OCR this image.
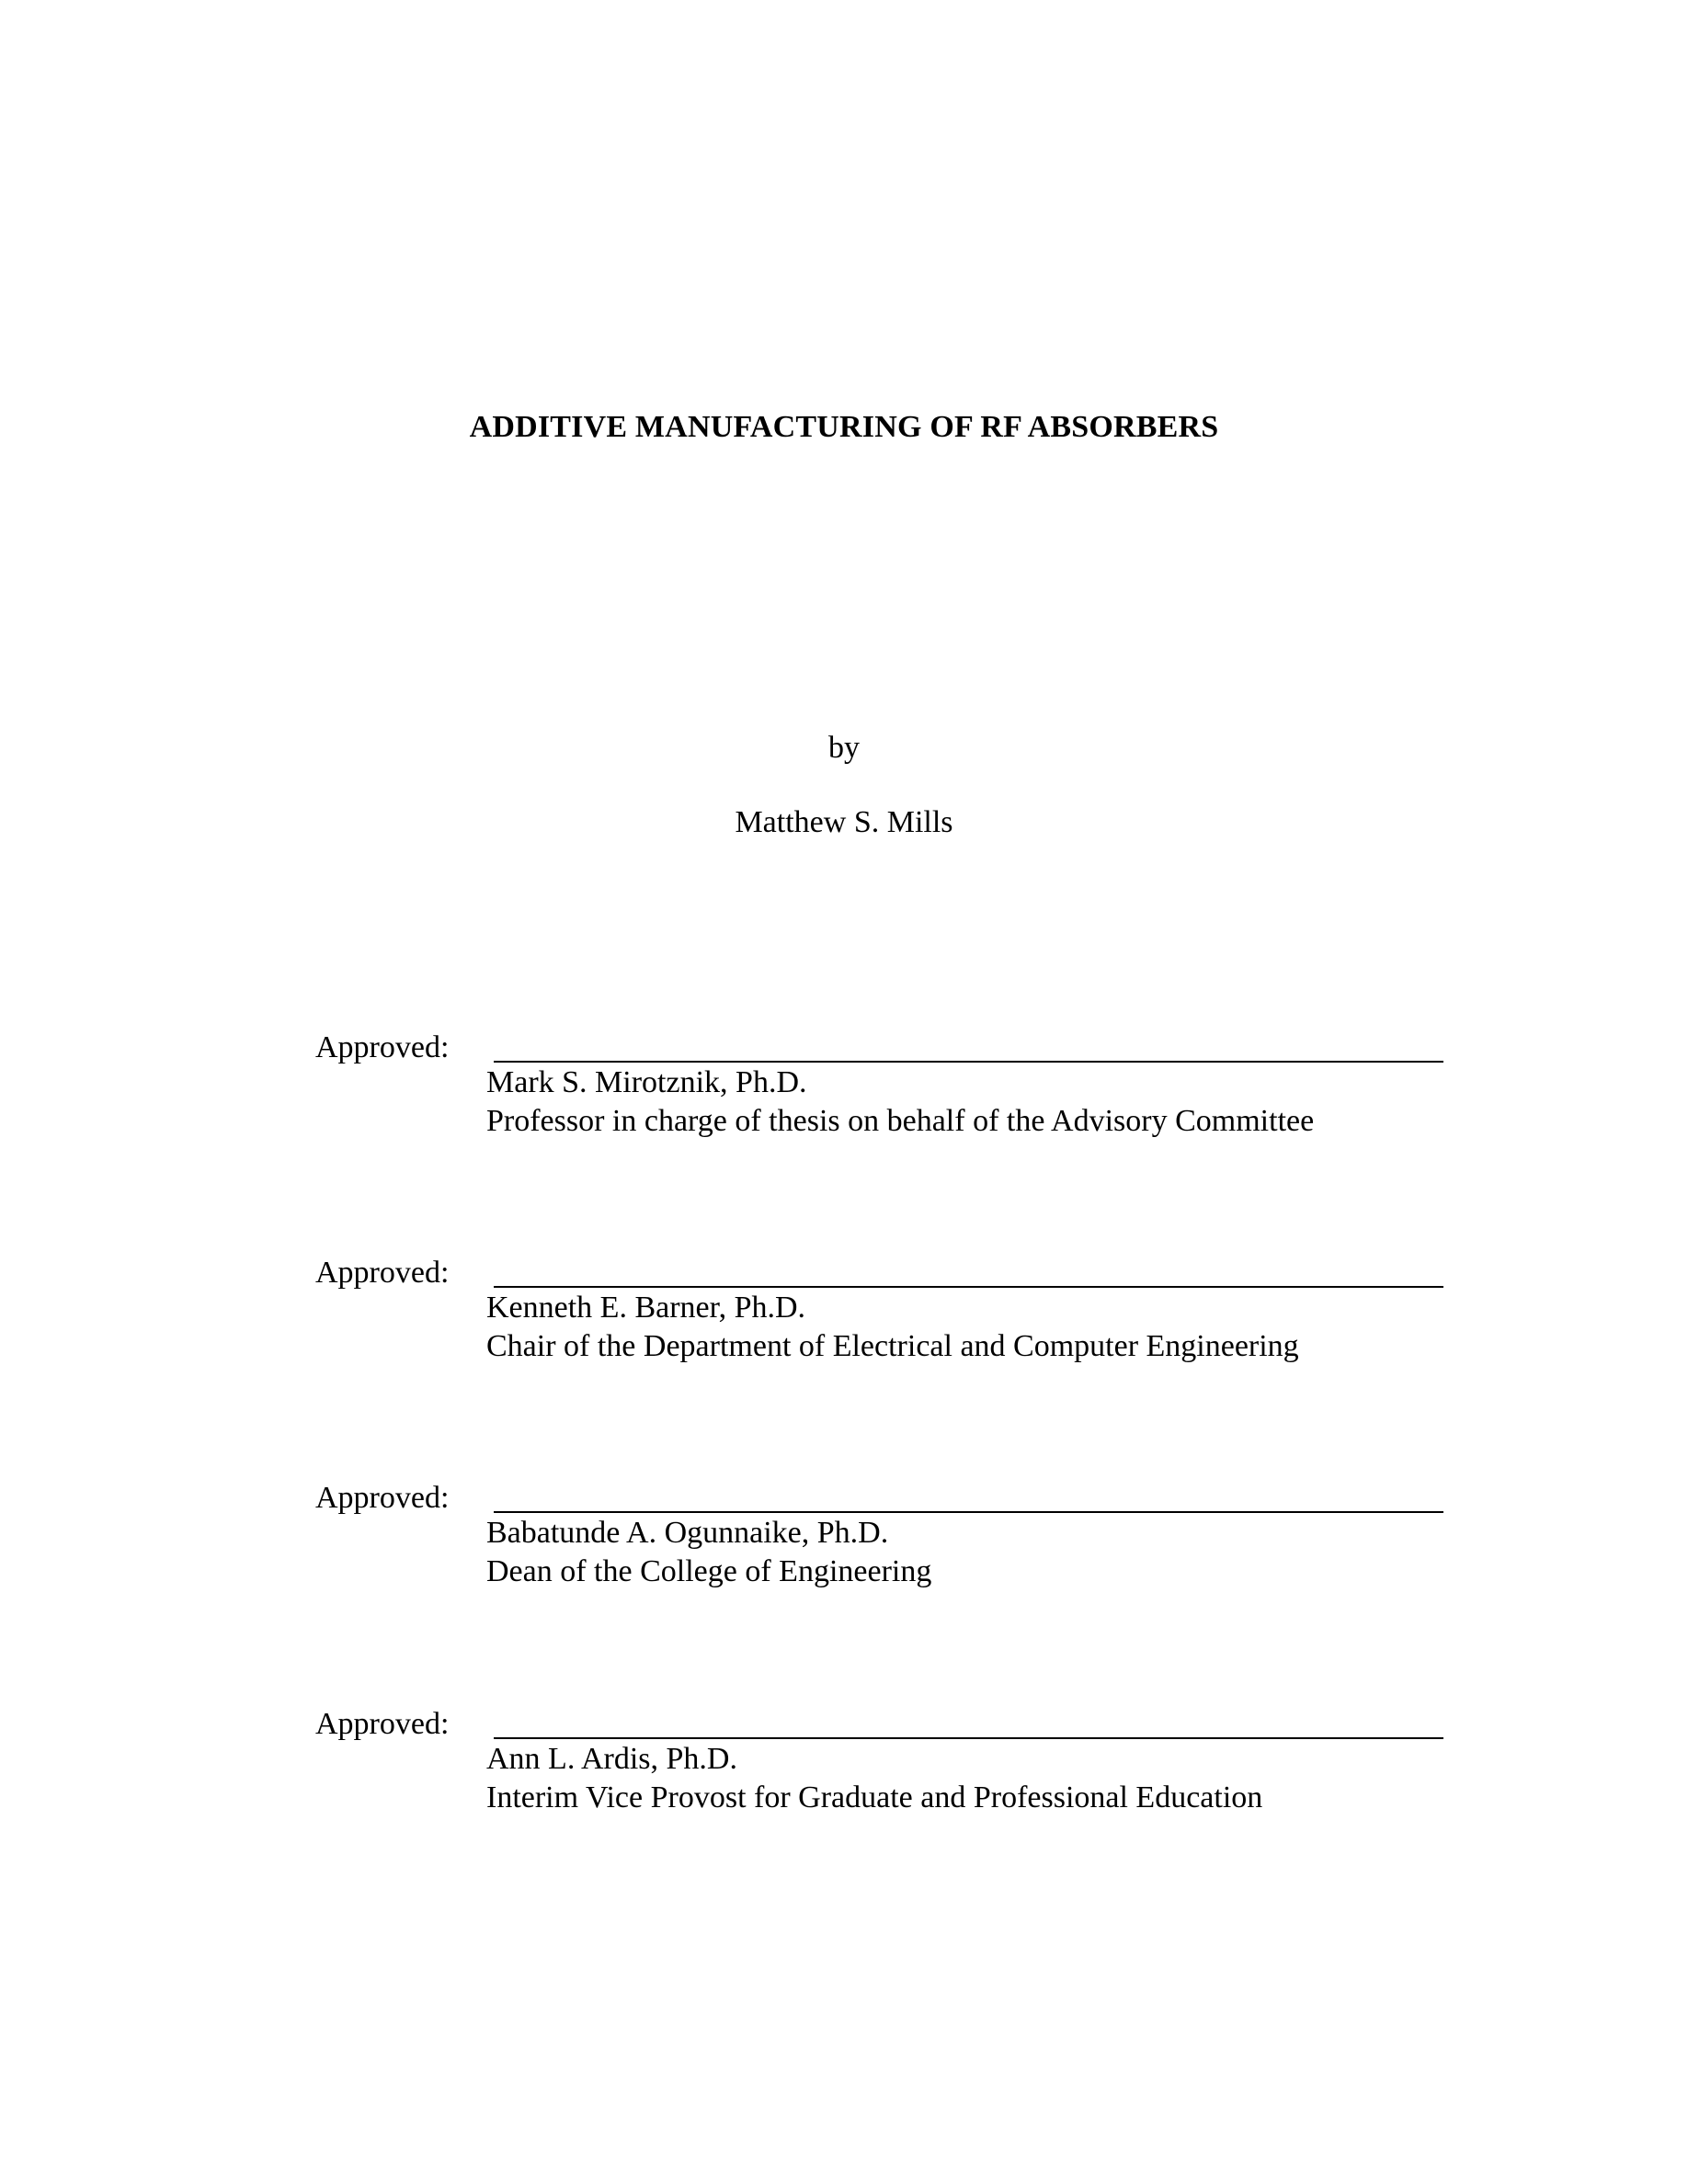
ADDITIVE MANUFACTURING OF RF ABSORBERS
by
Matthew S. Mills
Approved:
Mark S. Mirotznik, Ph.D.
Professor in charge of thesis on behalf of the Advisory Committee
Approved:
Kenneth E. Barner, Ph.D.
Chair of the Department of Electrical and Computer Engineering
Approved:
Babatunde A. Ogunnaike, Ph.D.
Dean of the College of Engineering
Approved:
Ann L. Ardis, Ph.D.
Interim Vice Provost for Graduate and Professional Education
